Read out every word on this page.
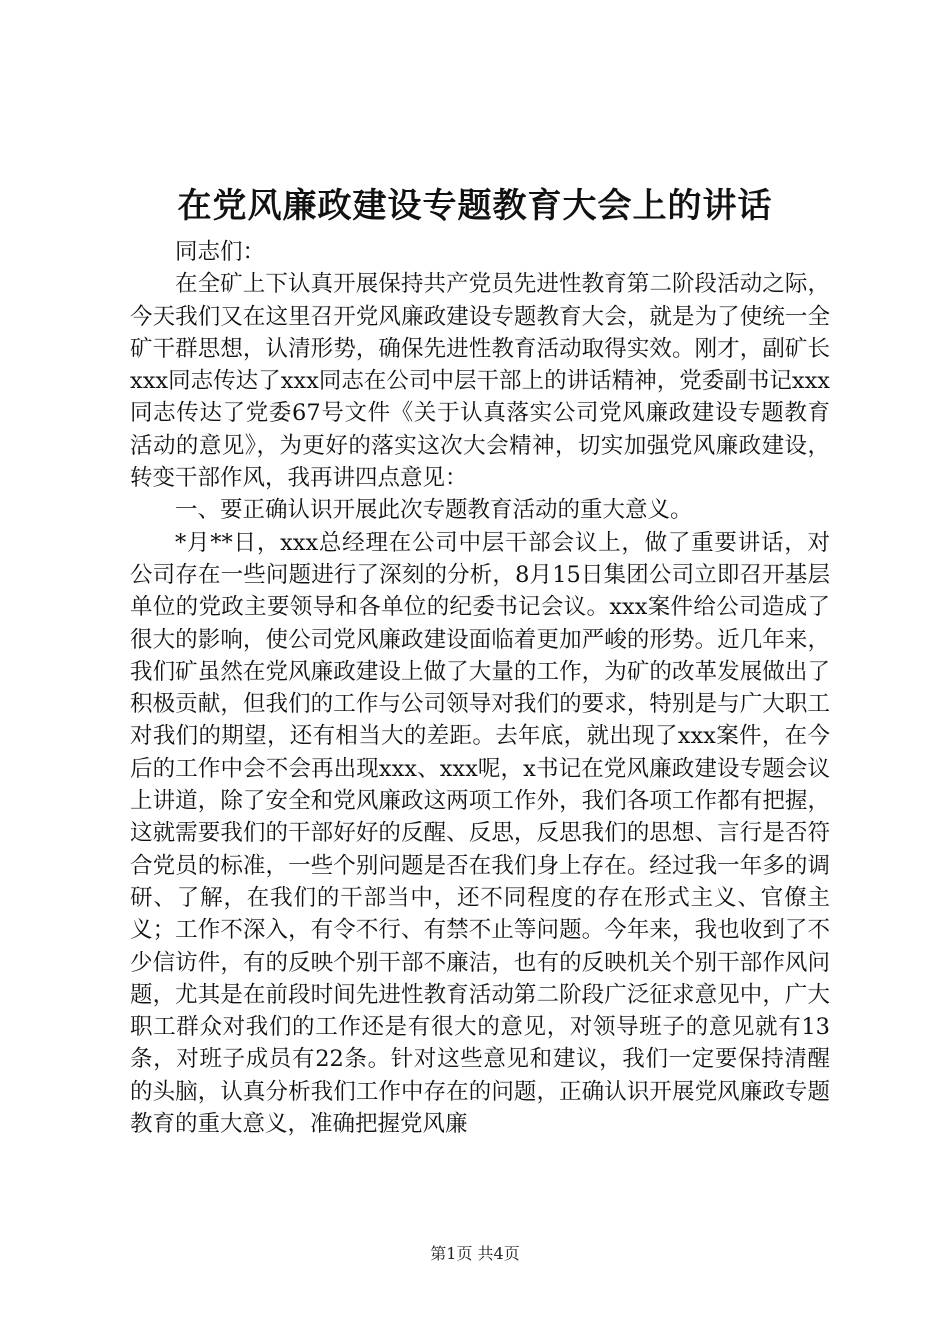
在党风廉政建设专题教育大会上的讲话

同志们：

在全矿上下认真开展保持共产党员先进性教育第二阶段活动之际，今天我们又在这里召开党风廉政建设专题教育大会，就是为了使统一全矿干群思想，认清形势，确保先进性教育活动取得实效。刚才，副矿长xxx同志传达了xxx同志在公司中层干部上的讲话精神，党委副书记xxx同志传达了党委67号文件《关于认真落实公司党风廉政建设专题教育活动的意见》，为更好的落实这次大会精神，切实加强党风廉政建设，转变干部作风，我再讲四点意见：

一、要正确认识开展此次专题教育活动的重大意义。

*月**日，xxx总经理在公司中层干部会议上，做了重要讲话，对公司存在一些问题进行了深刻的分析，8月15日集团公司立即召开基层单位的党政主要领导和各单位的纪委书记会议。xxx案件给公司造成了很大的影响，使公司党风廉政建设面临着更加严峻的形势。近几年来，我们矿虽然在党风廉政建设上做了大量的工作，为矿的改革发展做出了积极贡献，但我们的工作与公司领导对我们的要求，特别是与广大职工对我们的期望，还有相当大的差距。去年底，就出现了xxx案件，在今后的工作中会不会再出现xxx、xxx呢，x书记在党风廉政建设专题会议上讲道，除了安全和党风廉政这两项工作外，我们各项工作都有把握，这就需要我们的干部好好的反醒、反思，反思我们的思想、言行是否符合党员的标准，一些个别问题是否在我们身上存在。经过我一年多的调研、了解，在我们的干部当中，还不同程度的存在形式主义、官僚主义；工作不深入，有令不行、有禁不止等问题。今年来，我也收到了不少信访件，有的反映个别干部不廉洁，也有的反映机关个别干部作风问题，尤其是在前段时间先进性教育活动第二阶段广泛征求意见中，广大职工群众对我们的工作还是有很大的意见，对领导班子的意见就有13条，对班子成员有22条。针对这些意见和建议，我们一定要保持清醒的头脑，认真分析我们工作中存在的问题，正确认识开展党风廉政专题教育的重大意义，准确把握党风廉

第1页 共4页
